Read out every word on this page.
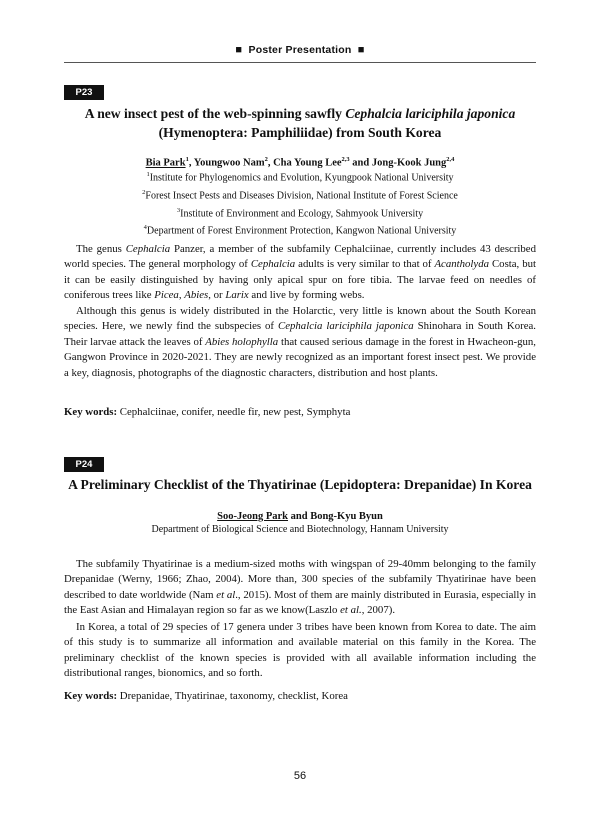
■ Poster Presentation ■
P23
A new insect pest of the web-spinning sawfly Cephalcia lariciphila japonica
(Hymenoptera: Pamphiliidae) from South Korea
Bia Park$^1$, Youngwoo Nam$^2$, Cha Young Lee$^{2,3}$ and Jong-Kook Jung$^{2,4}$
$^1$Institute for Phylogenomics and Evolution, Kyungpook National University
$^2$Forest Insect Pests and Diseases Division, National Institute of Forest Science
$^3$Institute of Environment and Ecology, Sahmyook University
$^4$Department of Forest Environment Protection, Kangwon National University

The genus Cephalcia Panzer, a member of the subfamily Cephalciinae, currently includes 43 described world species. The general morphology of Cephalcia adults is very similar to that of Acantholyda Costa, but it can be easily distinguished by having only apical spur on fore tibia. The larvae feed on needles of coniferous trees like Picea, Abies, or Larix and live by forming webs.

Although this genus is widely distributed in the Holarctic, very little is known about the South Korean species. Here, we newly find the subspecies of Cephalcia lariciphila japonica Shinohara in South Korea. Their larvae attack the leaves of Abies holophylla that caused serious damage in the forest in Hwacheon-gun, Gangwon Province in 2020-2021. They are newly recognized as an important forest insect pest. We provide a key, diagnosis, photographs of the diagnostic characters, distribution and host plants.

Key words: Cephalciinae, conifer, needle fir, new pest, Symphyta
P24
A Preliminary Checklist of the Thyatirinae (Lepidoptera: Drepanidae) In Korea
Soo-Jeong Park and Bong-Kyu Byun
Department of Biological Science and Biotechnology, Hannam University

The subfamily Thyatirinae is a medium-sized moths with wingspan of 29-40mm belonging to the family Drepanidae (Werny, 1966; Zhao, 2004). More than, 300 species of the subfamily Thyatirinae have been described to date worldwide (Nam et al., 2015). Most of them are mainly distributed in Eurasia, especially in the East Asian and Himalayan region so far as we know(Laszlo et al., 2007).

In Korea, a total of 29 species of 17 genera under 3 tribes have been known from Korea to date. The aim of this study is to summarize all information and available material on this family in the Korea. The preliminary checklist of the known species is provided with all available information including the distributional ranges, bionomics, and so forth.

Key words: Drepanidae, Thyatirinae, taxonomy, checklist, Korea
56
